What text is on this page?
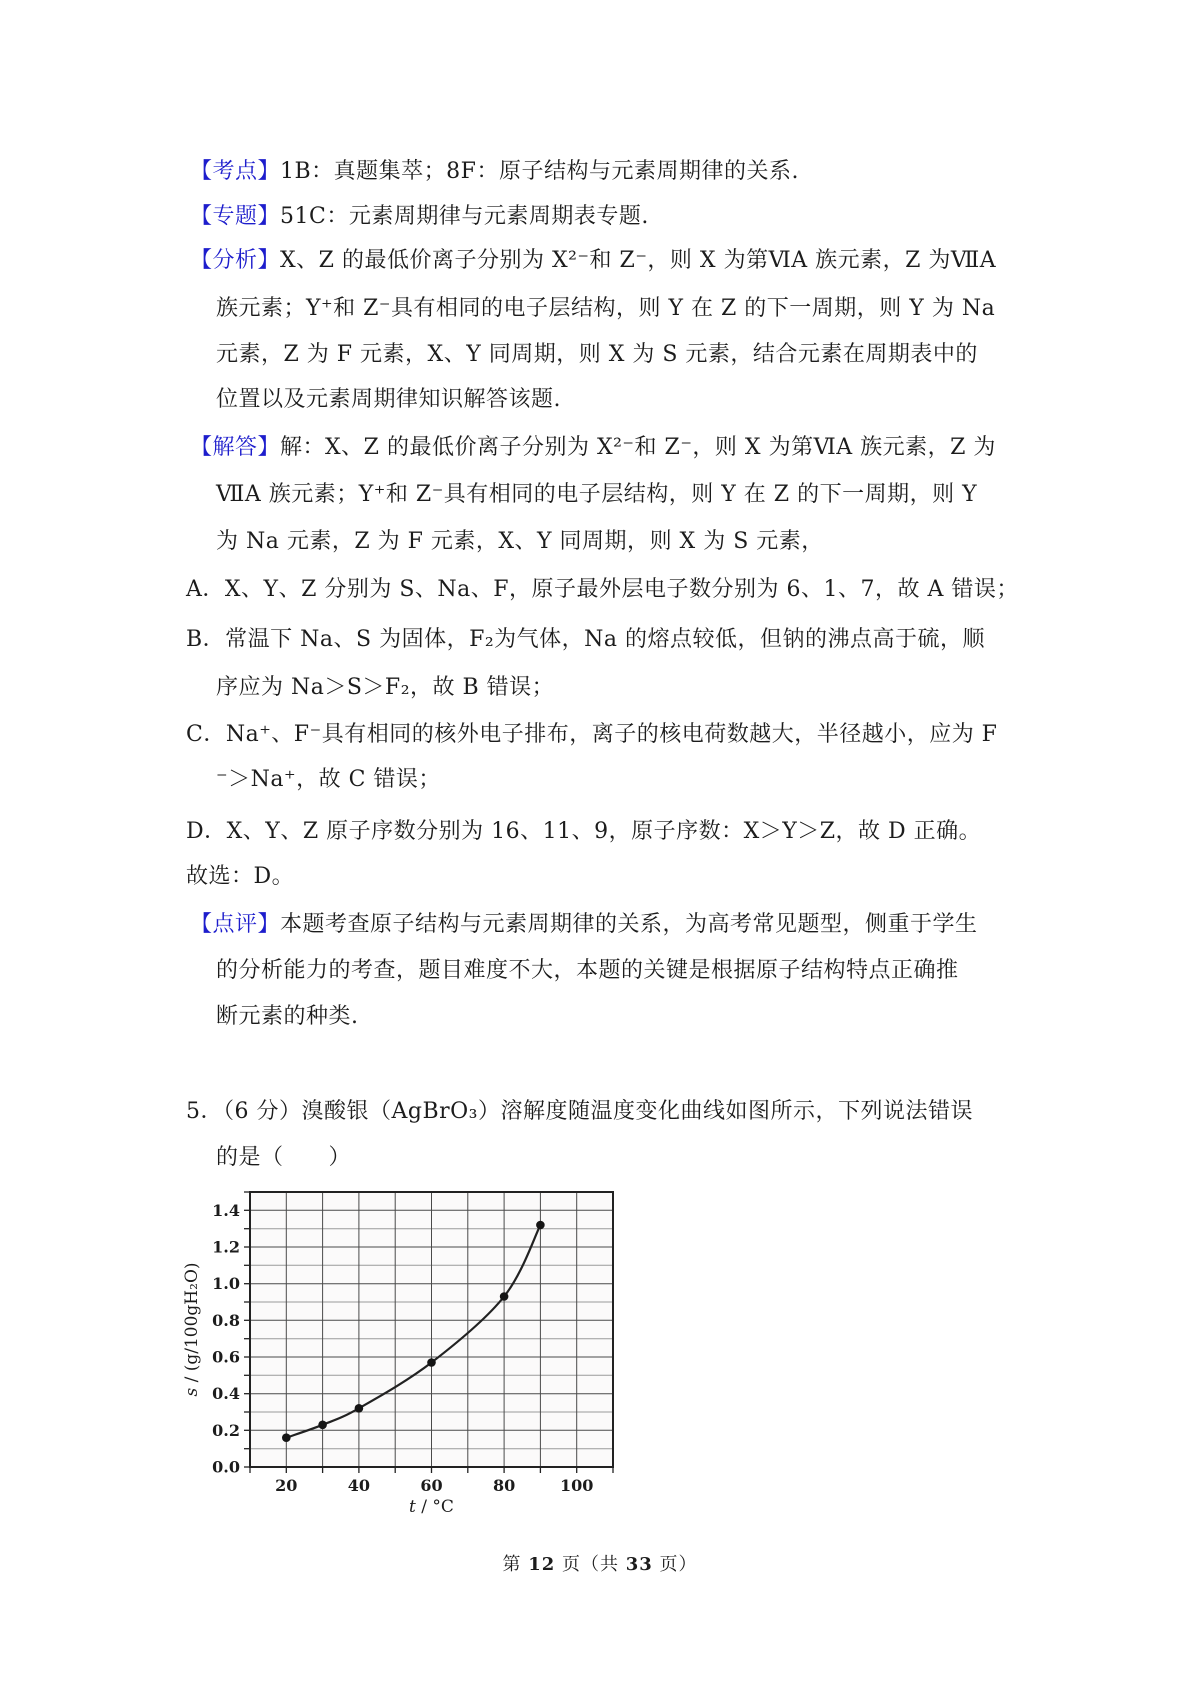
【考点】1B：真题集萃；8F：原子结构与元素周期律的关系.
【专题】51C：元素周期律与元素周期表专题.
【分析】X、Z 的最低价离子分别为 X²⁻和 Z⁻，则 X 为第ⅥA 族元素，Z 为ⅦA
族元素；Y⁺和 Z⁻具有相同的电子层结构，则 Y 在 Z 的下一周期，则 Y 为 Na
元素，Z 为 F 元素，X、Y 同周期，则 X 为 S 元素，结合元素在周期表中的
位置以及元素周期律知识解答该题.
【解答】解：X、Z 的最低价离子分别为 X²⁻和 Z⁻，则 X 为第ⅥA 族元素，Z 为
ⅦA 族元素；Y⁺和 Z⁻具有相同的电子层结构，则 Y 在 Z 的下一周期，则 Y
为 Na 元素，Z 为 F 元素，X、Y 同周期，则 X 为 S 元素，
A．X、Y、Z 分别为 S、Na、F，原子最外层电子数分别为 6、1、7，故 A 错误；
B．常温下 Na、S 为固体，F₂为气体，Na 的熔点较低，但钠的沸点高于硫，顺
序应为 Na＞S＞F₂，故 B 错误；
C．Na⁺、F⁻具有相同的核外电子排布，离子的核电荷数越大，半径越小，应为 F
⁻＞Na⁺，故 C 错误；
D．X、Y、Z 原子序数分别为 16、11、9，原子序数：X＞Y＞Z，故 D 正确。
故选：D。
【点评】本题考查原子结构与元素周期律的关系，为高考常见题型，侧重于学生
的分析能力的考查，题目难度不大，本题的关键是根据原子结构特点正确推
断元素的种类.
5．（6 分）溴酸银（AgBrO₃）溶解度随温度变化曲线如图所示，下列说法错误
的是（　　）
20	40	60	80	100
0.0
0.2
0.4
0.6
0.8
1.0
1.2
1.4
t / °C
s / (g/100gH₂O)
第 12 页（共 33 页）
